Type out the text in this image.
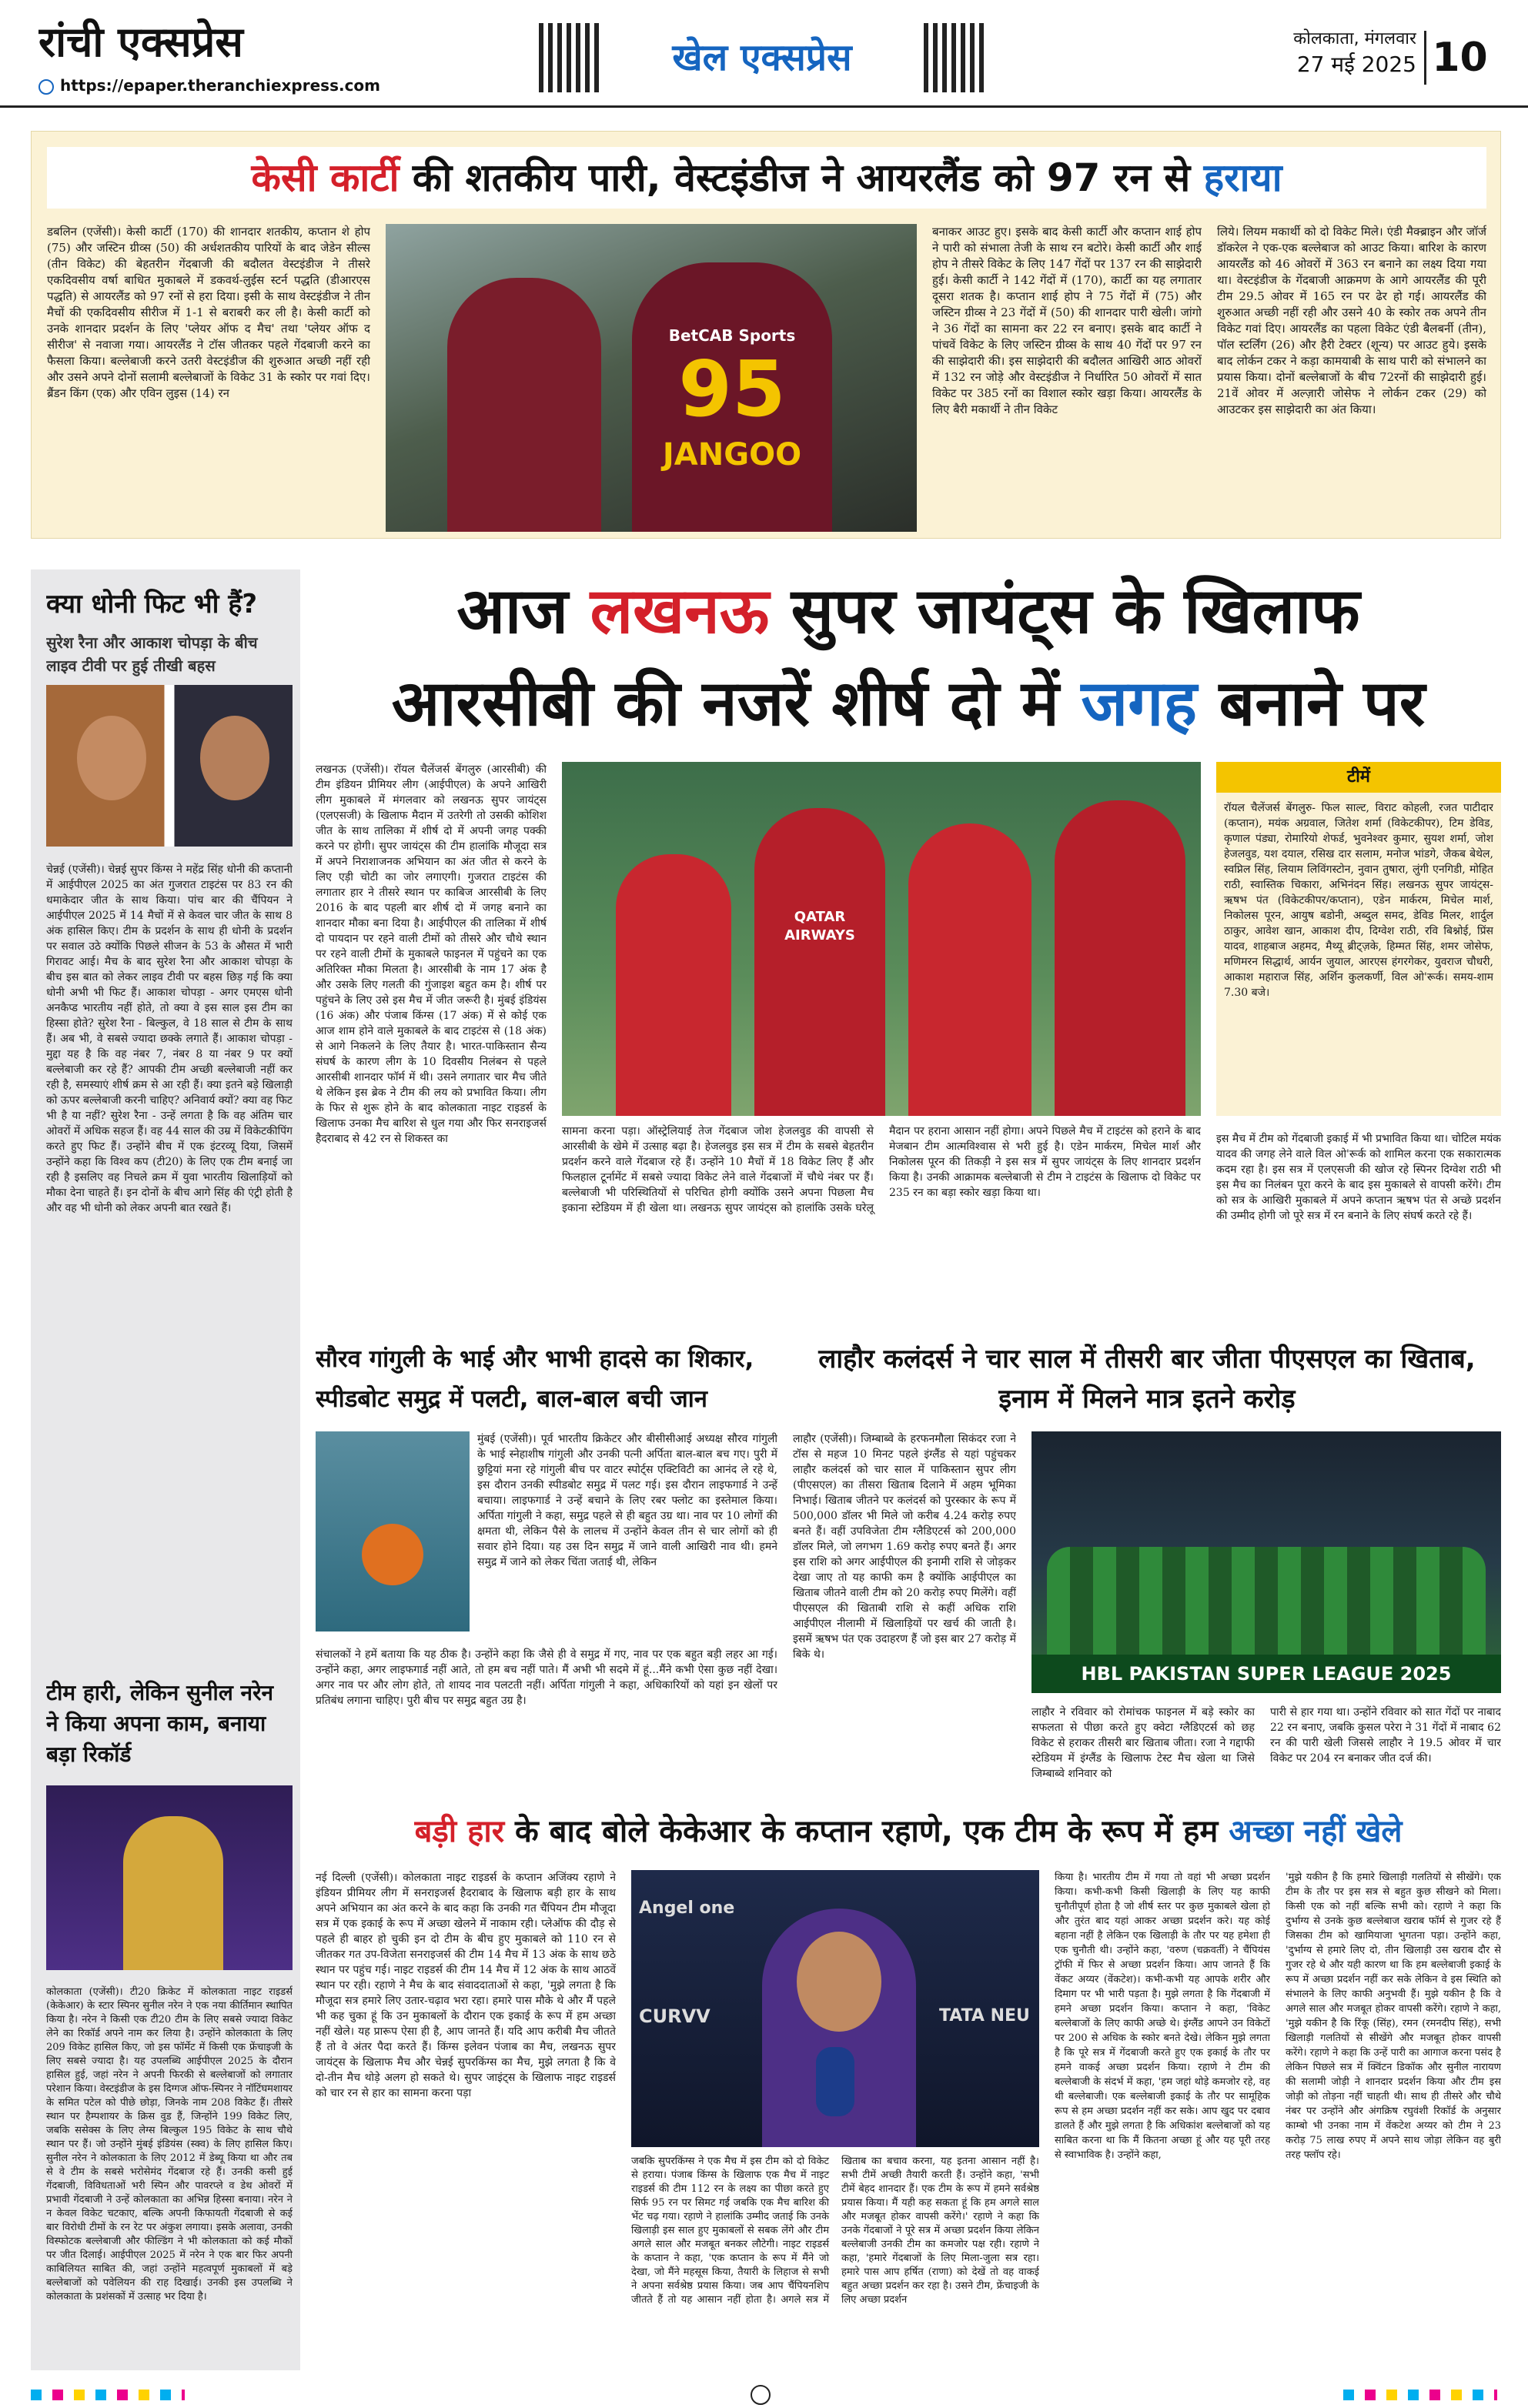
रांची एक्सप्रेस
https://epaper.theranchiexpress.com
खेल एक्सप्रेस	कोलकाता, मंगलवार
27 मई 2025 10
केसी कार्टी की शतकीय पारी, वेस्टइंडीज ने आयरलैंड को 97 रन से हराया
डबलिन (एजेंसी)। केसी कार्टी (170) की शानदार शतकीय, कप्तान शे होप (75) और जस्टिन ग्रीव्स (50) की अर्धशतकीय पारियों के बाद जेडेन सील्स (तीन विकेट) की बेहतरीन गेंदबाजी की बदौलत वेस्टइंडीज ने तीसरे एकदिवसीय वर्षा बाधित मुकाबले में डकवर्थ-लुईस स्टर्न पद्धति (डीआरएस पद्धति) से आयरलैंड को 97 रनों से हरा दिया। इसी के साथ वेस्टइंडीज ने तीन मैचों की एकदिवसीय सीरीज में 1-1 से बराबरी कर ली है। केसी कार्टी को उनके शानदार प्रदर्शन के लिए 'प्लेयर ऑफ द मैच' तथा 'प्लेयर ऑफ द सीरीज' से नवाजा गया। आयरलैंड ने टॉस जीतकर पहले गेंदबाजी करने का फैसला किया। बल्लेबाजी करने उतरी वेस्टइंडीज की शुरुआत अच्छी नहीं रही और उसने अपने दोनों सलामी बल्लेबाजों के विकेट 31 के स्कोर पर गवां दिए। ब्रैंडन किंग (एक) और एविन लुइस (14) रन
BetCAB Sports
95
JANGOO
बनाकर आउट हुए। इसके बाद केसी कार्टी और कप्तान शाई होप ने पारी को संभाला तेजी के साथ रन बटोरे। केसी कार्टी और शाई होप ने तीसरे विकेट के लिए 147 गेंदों पर 137 रन की साझेदारी हुई। केसी कार्टी ने 142 गेंदों में (170), कार्टी का यह लगातार दूसरा शतक है। कप्तान शाई होप ने 75 गेंदों में (75) और जस्टिन ग्रीव्स ने 23 गेंदों में (50) की शानदार पारी खेली। जांगो ने 36 गेंदों का सामना कर 22 रन बनाए। इसके बाद कार्टी ने पांचवें विकेट के लिए जस्टिन ग्रीव्स के साथ 40 गेंदों पर 97 रन की साझेदारी की। इस साझेदारी की बदौलत आखिरी आठ ओवरों में 132 रन जोड़े और वेस्टइंडीज ने निर्धारित 50 ओवरों में सात विकेट पर 385 रनों का विशाल स्कोर खड़ा किया। आयरलैंड के लिए बैरी मकार्थी ने तीन विकेट
लिये। लियम मकार्थी को दो विकेट मिले। एंडी मैक्ब्राइन और जॉर्ज डॉकरेल ने एक-एक बल्लेबाज को आउट किया। बारिश के कारण आयरलैंड को 46 ओवरों में 363 रन बनाने का लक्ष्य दिया गया था। वेस्टइंडीज के गेंदबाजी आक्रमण के आगे आयरलैंड की पूरी टीम 29.5 ओवर में 165 रन पर ढेर हो गई। आयरलैंड की शुरुआत अच्छी नहीं रही और उसने 40 के स्कोर तक अपने तीन विकेट गवां दिए। आयरलैंड का पहला विकेट एंडी बैलबर्नी (तीन), पॉल स्टर्लिंग (26) और हैरी टेक्टर (शून्य) पर आउट हुये। इसके बाद लोर्कन टकर ने कड़ा कामयाबी के साथ पारी को संभालने का प्रयास किया। दोनों बल्लेबाजों के बीच 72रनों की साझेदारी हुई। 21वें ओवर में अल्ज़ारी जोसेफ ने लोर्कन टकर (29) को आउटकर इस साझेदारी का अंत किया।
क्या धोनी फिट भी हैं?
सुरेश रैना और आकाश चोपड़ा के बीच लाइव टीवी पर हुई तीखी बहस
चेन्नई (एजेंसी)। चेन्नई सुपर किंग्स ने महेंद्र सिंह धोनी की कप्तानी में आईपीएल 2025 का अंत गुजरात टाइटंस पर 83 रन की धमाकेदार जीत के साथ किया। पांच बार की चैंपियन ने आईपीएल 2025 में 14 मैचों में से केवल चार जीत के साथ 8 अंक हासिल किए। टीम के प्रदर्शन के साथ ही धोनी के प्रदर्शन पर सवाल उठे क्योंकि पिछले सीजन के 53 के औसत में भारी गिरावट आई। मैच के बाद सुरेश रैना और आकाश चोपड़ा के बीच इस बात को लेकर लाइव टीवी पर बहस छिड़ गई कि क्या धोनी अभी भी फिट हैं। आकाश चोपड़ा - अगर एमएस धोनी अनकैप्ड भारतीय नहीं होते, तो क्या वे इस साल इस टीम का हिस्सा होते? सुरेश रैना - बिल्कुल, वे 18 साल से टीम के साथ हैं। अब भी, वे सबसे ज्यादा छक्के लगाते हैं। आकाश चोपड़ा - मुद्दा यह है कि वह नंबर 7, नंबर 8 या नंबर 9 पर क्यों बल्लेबाजी कर रहे हैं? आपकी टीम अच्छी बल्लेबाजी नहीं कर रही है, समस्याएं शीर्ष क्रम से आ रही हैं। क्या इतने बड़े खिलाड़ी को ऊपर बल्लेबाजी करनी चाहिए? अनिवार्य क्यों? क्या वह फिट भी है या नहीं? सुरेश रैना - उन्हें लगता है कि वह अंतिम चार ओवरों में अधिक सहज हैं। वह 44 साल की उम्र में विकेटकीपिंग करते हुए फिट हैं। उन्होंने बीच में एक इंटरव्यू दिया, जिसमें उन्होंने कहा कि विश्व कप (टी20) के लिए एक टीम बनाई जा रही है इसलिए वह निचले क्रम में युवा भारतीय खिलाड़ियों को मौका देना चाहते हैं। इन दोनों के बीच आगे सिंह की एंट्री होती है और वह भी धोनी को लेकर अपनी बात रखते हैं।
टीम हारी, लेकिन सुनील नरेन ने किया अपना काम, बनाया बड़ा रिकॉर्ड
कोलकाता (एजेंसी)। टी20 क्रिकेट में कोलकाता नाइट राइडर्स (केकेआर) के स्टार स्पिनर सुनील नरेन ने एक नया कीर्तिमान स्थापित किया है। नरेन ने किसी एक टी20 टीम के लिए सबसे ज्यादा विकेट लेने का रिकॉर्ड अपने नाम कर लिया है। उन्होंने कोलकाता के लिए 209 विकेट हासिल किए, जो इस फॉर्मेट में किसी एक फ्रेंचाइजी के लिए सबसे ज्यादा है। यह उपलब्धि आईपीएल 2025 के दौरान हासिल हुई, जहां नरेन ने अपनी फिरकी से बल्लेबाजों को लगातार परेशान किया। वेस्टइंडीज के इस दिग्गज ऑफ-स्पिनर ने नॉटिंघमशायर के समित पटेल को पीछे छोड़ा, जिनके नाम 208 विकेट हैं। तीसरे स्थान पर हैम्पशायर के क्रिस वुड हैं, जिन्होंने 199 विकेट लिए, जबकि ससेक्स के लिए लेग्स बिल्कुल 195 विकेट के साथ चौथे स्थान पर हैं। जो उन्होंने मुंबई इंडियंस (स्क्व) के लिए हासिल किए। सुनील नरेन ने कोलकाता के लिए 2012 में डेब्यू किया था और तब से वे टीम के सबसे भरोसेमंद गेंदबाज रहे हैं। उनकी कसी हुई गेंदबाजी, विविधताओं भरी स्पिन और पावरप्ले व डेथ ओवरों में प्रभावी गेंदबाजी ने उन्हें कोलकाता का अभिन्न हिस्सा बनाया। नरेन ने न केवल विकेट चटकाए, बल्कि अपनी किफायती गेंदबाजी से कई बार विरोधी टीमों के रन रेट पर अंकुश लगाया। इसके अलावा, उनकी विस्फोटक बल्लेबाजी और फील्डिंग ने भी कोलकाता को कई मौकों पर जीत दिलाई। आईपीएल 2025 में नरेन ने एक बार फिर अपनी काबिलियत साबित की, जहां उन्होंने महत्वपूर्ण मुकाबलों में बड़े बल्लेबाजों को पवेलियन की राह दिखाई। उनकी इस उपलब्धि ने कोलकाता के प्रशंसकों में उत्साह भर दिया है।
आज लखनऊ सुपर जायंट्स के खिलाफ
आरसीबी की नजरें शीर्ष दो में जगह बनाने पर
लखनऊ (एजेंसी)। रॉयल चैलेंजर्स बेंगलुरु (आरसीबी) की टीम इंडियन प्रीमियर लीग (आईपीएल) के अपने आखिरी लीग मुकाबले में मंगलवार को लखनऊ सुपर जायंट्स (एलएसजी) के खिलाफ मैदान में उतरेगी तो उसकी कोशिश जीत के साथ तालिका में शीर्ष दो में अपनी जगह पक्की करने पर होगी। सुपर जायंट्स की टीम हालांकि मौजूदा सत्र में अपने निराशाजनक अभियान का अंत जीत से करने के लिए एड़ी चोटी का जोर लगाएगी। गुजरात टाइटंस की लगातार हार ने तीसरे स्थान पर काबिज आरसीबी के लिए 2016 के बाद पहली बार शीर्ष दो में जगह बनाने का शानदार मौका बना दिया है। आईपीएल की तालिका में शीर्ष दो पायदान पर रहने वाली टीमों को तीसरे और चौथे स्थान पर रहने वाली टीमों के मुकाबले फाइनल में पहुंचने का एक अतिरिक्त मौका मिलता है। आरसीबी के नाम 17 अंक है और उसके लिए गलती की गुंजाइश बहुत कम है। शीर्ष पर पहुंचने के लिए उसे इस मैच में जीत जरूरी है। मुंबई इंडियंस (16 अंक) और पंजाब किंग्स (17 अंक) में से कोई एक आज शाम होने वाले मुकाबले के बाद टाइटंस से (18 अंक) से आगे निकलने के लिए तैयार है। भारत-पाकिस्तान सैन्य संघर्ष के कारण लीग के 10 दिवसीय निलंबन से पहले आरसीबी शानदार फॉर्म में थी। उसने लगातार चार मैच जीते थे लेकिन इस ब्रेक ने टीम की लय को प्रभावित किया। लीग के फिर से शुरू होने के बाद कोलकाता नाइट राइडर्स के खिलाफ उनका मैच बारिश से धुल गया और फिर सनराइजर्स हैदराबाद से 42 रन से शिकस्त का
QATAR AIRWAYS
सामना करना पड़ा। ऑस्ट्रेलियाई तेज गेंदबाज जोश हेजलवुड की वापसी से आरसीबी के खेमे में उत्साह बढ़ा है। हेजलवुड इस सत्र में टीम के सबसे बेहतरीन प्रदर्शन करने वाले गेंदबाज रहे हैं। उन्होंने 10 मैचों में 18 विकेट लिए हैं और फिलहाल टूर्नामेंट में सबसे ज्यादा विकेट लेने वाले गेंदबाजों में चौथे नंबर पर हैं। बल्लेबाजी भी परिस्थितियों से परिचित होगी क्योंकि उसने अपना पिछला मैच इकाना स्टेडियम में ही खेला था। लखनऊ सुपर जायंट्स को हालांकि उसके घरेलू मैदान पर हराना आसान नहीं होगा। अपने पिछले मैच में टाइटंस को हराने के बाद मेजबान टीम आत्मविश्वास से भरी हुई है। एडेन मार्करम, मिचेल मार्श और निकोलस पूरन की तिकड़ी ने इस सत्र में सुपर जायंट्स के लिए शानदार प्रदर्शन किया है। उनकी आक्रामक बल्लेबाजी से टीम ने टाइटंस के खिलाफ दो विकेट पर 235 रन का बड़ा स्कोर खड़ा किया था।
टीमें
रॉयल चैलेंजर्स बेंगलुरु- फिल साल्ट, विराट कोहली, रजत पाटीदार (कप्तान), मयंक अग्रवाल, जितेश शर्मा (विकेटकीपर), टिम डेविड, कृणाल पंड्या, रोमारियो शेफर्ड, भुवनेश्वर कुमार, सुयश शर्मा, जोश हेजलवुड, यश दयाल, रसिख दार सलाम, मनोज भांडगे, जैकब बेथेल, स्वप्निल सिंह, लियाम लिविंगस्टोन, नुवान तुषारा, लुंगी एनगिडी, मोहित राठी, स्वास्तिक चिकारा, अभिनंदन सिंह। लखनऊ सुपर जायंट्स- ऋषभ पंत (विकेटकीपर/कप्तान), एडेन मार्करम, मिचेल मार्श, निकोलस पूरन, आयुष बडोनी, अब्दुल समद, डेविड मिलर, शार्दुल ठाकुर, आवेश खान, आकाश दीप, दिग्वेश राठी, रवि बिश्नोई, प्रिंस यादव, शाहबाज अहमद, मैथ्यू ब्रीट्ज़के, हिम्मत सिंह, शमर जोसेफ, मणिमरन सिद्धार्थ, आर्यन जुयाल, आरएस हंगरगेकर, युवराज चौधरी, आकाश महाराज सिंह, अर्शिन कुलकर्णी, विल ओ'रूर्क। समय-शाम 7.30 बजे।
इस मैच में टीम को गेंदबाजी इकाई में भी प्रभावित किया था। चोटिल मयंक यादव की जगह लेने वाले विल ओ'रूर्क को शामिल करना एक सकारात्मक कदम रहा है। इस सत्र में एलएसजी की खोज रहे स्पिनर दिग्वेश राठी भी इस मैच का निलंबन पूरा करने के बाद इस मुकाबले से वापसी करेंगे। टीम को सत्र के आखिरी मुकाबले में अपने कप्तान ऋषभ पंत से अच्छे प्रदर्शन की उम्मीद होगी जो पूरे सत्र में रन बनाने के लिए संघर्ष करते रहे हैं।
सौरव गांगुली के भाई और भाभी हादसे का शिकार, स्पीडबोट समुद्र में पलटी, बाल-बाल बची जान
मुंबई (एजेंसी)। पूर्व भारतीय क्रिकेटर और बीसीसीआई अध्यक्ष सौरव गांगुली के भाई स्नेहाशीष गांगुली और उनकी पत्नी अर्पिता बाल-बाल बच गए। पुरी में छुट्टियां मना रहे गांगुली बीच पर वाटर स्पोर्ट्स एक्टिविटी का आनंद ले रहे थे, इस दौरान उनकी स्पीडबोट समुद्र में पलट गई। इस दौरान लाइफगार्ड ने उन्हें बचाया। लाइफगार्ड ने उन्हें बचाने के लिए रबर फ्लोट का इस्तेमाल किया। अर्पिता गांगुली ने कहा, समुद्र पहले से ही बहुत उग्र था। नाव पर 10 लोगों की क्षमता थी, लेकिन पैसे के लालच में उन्होंने केवल तीन से चार लोगों को ही सवार होने दिया। यह उस दिन समुद्र में जाने वाली आखिरी नाव थी। हमने समुद्र में जाने को लेकर चिंता जताई थी, लेकिन
संचालकों ने हमें बताया कि यह ठीक है। उन्होंने कहा कि जैसे ही वे समुद्र में गए, नाव पर एक बहुत बड़ी लहर आ गई। उन्होंने कहा, अगर लाइफगार्ड नहीं आते, तो हम बच नहीं पाते। मैं अभी भी सदमे में हूं...मैंने कभी ऐसा कुछ नहीं देखा। अगर नाव पर और लोग होते, तो शायद नाव पलटती नहीं। अर्पिता गांगुली ने कहा, अधिकारियों को यहां इन खेलों पर प्रतिबंध लगाना चाहिए। पुरी बीच पर समुद्र बहुत उग्र है।
लाहौर कलंदर्स ने चार साल में तीसरी बार जीता पीएसएल का खिताब, इनाम में मिलने मात्र इतने करोड़
लाहौर (एजेंसी)। जिम्बाब्वे के हरफनमौला सिकंदर रजा ने टॉस से महज 10 मिनट पहले इंग्लैंड से यहां पहुंचकर लाहौर कलंदर्स को चार साल में पाकिस्तान सुपर लीग (पीएसएल) का तीसरा खिताब दिलाने में अहम भूमिका निभाई। खिताब जीतने पर कलंदर्स को पुरस्कार के रूप में 500,000 डॉलर भी मिले जो करीब 4.24 करोड़ रुपए बनते हैं। वहीं उपविजेता टीम ग्लैडिएटर्स को 200,000 डॉलर मिले, जो लगभग 1.69 करोड़ रुपए बनते हैं। अगर इस राशि को अगर आईपीएल की इनामी राशि से जोड़कर देखा जाए तो यह काफी कम है क्योंकि आईपीएल का खिताब जीतने वाली टीम को 20 करोड़ रुपए मिलेंगे। वहीं पीएसएल की खिताबी राशि से कहीं अधिक राशि आईपीएल नीलामी में खिलाड़ियों पर खर्च की जाती है। इसमें ऋषभ पंत एक उदाहरण हैं जो इस बार 27 करोड़ में बिके थे।
HBL PAKISTAN SUPER LEAGUE 2025
लाहौर ने रविवार को रोमांचक फाइनल में बड़े स्कोर का सफलता से पीछा करते हुए क्वेटा ग्लैडिएटर्स को छह विकेट से हराकर तीसरी बार खिताब जीता। रजा ने गद्दाफी स्टेडियम में इंग्लैंड के खिलाफ टेस्ट मैच खेला था जिसे जिम्बाब्वे शनिवार को
पारी से हार गया था। उन्होंने रविवार को सात गेंदों पर नाबाद 22 रन बनाए, जबकि कुसल परेरा ने 31 गेंदों में नाबाद 62 रन की पारी खेली जिससे लाहौर ने 19.5 ओवर में चार विकेट पर 204 रन बनाकर जीत दर्ज की।
बड़ी हार के बाद बोले केकेआर के कप्तान रहाणे, एक टीम के रूप में हम अच्छा नहीं खेले
नई दिल्ली (एजेंसी)। कोलकाता नाइट राइडर्स के कप्तान अजिंक्य रहाणे ने इंडियन प्रीमियर लीग में सनराइजर्स हैदराबाद के खिलाफ बड़ी हार के साथ अपने अभियान का अंत करने के बाद कहा कि उनकी गत चैंपियन टीम मौजूदा सत्र में एक इकाई के रूप में अच्छा खेलने में नाकाम रही। प्लेऑफ की दौड़ से पहले ही बाहर हो चुकी इन दो टीम के बीच हुए मुकाबले को 110 रन से जीतकर गत उप-विजेता सनराइजर्स की टीम 14 मैच में 13 अंक के साथ छठे स्थान पर पहुंच गई। नाइट राइडर्स की टीम 14 मैच में 12 अंक के साथ आठवें स्थान पर रही। रहाणे ने मैच के बाद संवाददाताओं से कहा, 'मुझे लगता है कि मौजूदा सत्र हमारे लिए उतार-चढ़ाव भरा रहा। हमारे पास मौके थे और मैं पहले भी कह चुका हूं कि उन मुकाबलों के दौरान एक इकाई के रूप में हम अच्छा नहीं खेले। यह प्रारूप ऐसा ही है, आप जानते हैं। यदि आप करीबी मैच जीतते हैं तो वे अंतर पैदा करते हैं। किंग्स इलेवन पंजाब का मैच, लखनऊ सुपर जायंट्स के खिलाफ मैच और चेन्नई सुपरकिंग्स का मैच, मुझे लगता है कि वे दो-तीन मैच थोड़े अलग हो सकते थे। सुपर जाइंट्स के खिलाफ नाइट राइडर्स को चार रन से हार का सामना करना पड़ा
Angel one
CURVV	TATA NEU
जबकि सुपरकिंग्स ने एक मैच में इस टीम को दो विकेट से हराया। पंजाब किंग्स के खिलाफ एक मैच में नाइट राइडर्स की टीम 112 रन के लक्ष्य का पीछा करते हुए सिर्फ 95 रन पर सिमट गई जबकि एक मैच बारिश की भेंट चढ़ गया। रहाणे ने हालांकि उम्मीद जताई कि उनके खिलाड़ी इस साल हुए मुकाबलों से सबक लेंगे और टीम अगले साल और मजबूत बनकर लौटेगी। नाइट राइडर्स के कप्तान ने कहा, 'एक कप्तान के रूप में मैंने जो देखा, जो मैंने महसूस किया, तैयारी के लिहाज से सभी ने अपना सर्वश्रेष्ठ प्रयास किया। जब आप चैंपियनशिप जीतते हैं तो यह आसान नहीं होता है। अगले सत्र में खिताब का बचाव करना, यह इतना आसान नहीं है। सभी टीमें अच्छी तैयारी करती हैं। उन्होंने कहा, 'सभी टीमें बेहद शानदार हैं। एक टीम के रूप में हमने सर्वश्रेष्ठ प्रयास किया। मैं यही कह सकता हूं कि हम अगले साल और मजबूत होकर वापसी करेंगे।' रहाणे ने कहा कि उनके गेंदबाजों ने पूरे सत्र में अच्छा प्रदर्शन किया लेकिन बल्लेबाजी उनकी टीम का कमजोर पक्ष रही। रहाणे ने कहा, 'हमारे गेंदबाजों के लिए मिला-जुला सत्र रहा। हमारे पास आप हर्षित (राणा) को देखें तो वह वाकई बहुत अच्छा प्रदर्शन कर रहा है। उसने टीम, फ्रेंचाइजी के लिए अच्छा प्रदर्शन
किया है। भारतीय टीम में गया तो वहां भी अच्छा प्रदर्शन किया। कभी-कभी किसी खिलाड़ी के लिए यह काफी चुनौतीपूर्ण होता है जो शीर्ष स्तर पर कुछ मुकाबले खेला हो और तुरंत बाद यहां आकर अच्छा प्रदर्शन करे। यह कोई बहाना नहीं है लेकिन एक खिलाड़ी के तौर पर यह हमेशा ही एक चुनौती थी। उन्होंने कहा, 'वरुण (चक्रवर्ती) ने चैंपियंस ट्रॉफी में फिर से अच्छा प्रदर्शन किया। आप जानते हैं कि वेंकट अय्यर (वेंकटेश)। कभी-कभी यह आपके शरीर और दिमाग पर भी भारी पड़ता है। मुझे लगता है कि गेंदबाजी में हमने अच्छा प्रदर्शन किया। कप्तान ने कहा, 'विकेट बल्लेबाजों के लिए काफी अच्छे थे। इंग्लैंड आपने उन विकेटों पर 200 से अधिक के स्कोर बनते देखे। लेकिन मुझे लगता है कि पूरे सत्र में गेंदबाजी करते हुए एक इकाई के तौर पर हमने वाकई अच्छा प्रदर्शन किया। रहाणे ने टीम की बल्लेबाजी के संदर्भ में कहा, 'हम जहां थोड़े कमजोर रहे, वह थी बल्लेबाजी। एक बल्लेबाजी इकाई के तौर पर सामूहिक रूप से हम अच्छा प्रदर्शन नहीं कर सके। आप खुद पर दबाव डालते हैं और मुझे लगता है कि अधिकांश बल्लेबाजों को यह साबित करना था कि मैं कितना अच्छा हूं और यह पूरी तरह से स्वाभाविक है। उन्होंने कहा,
'मुझे यकीन है कि हमारे खिलाड़ी गलतियों से सीखेंगे। एक टीम के तौर पर इस सत्र से बहुत कुछ सीखने को मिला। किसी एक को नहीं बल्कि सभी को। रहाणे ने कहा कि दुर्भाग्य से उनके कुछ बल्लेबाज खराब फॉर्म से गुजर रहे हैं जिसका टीम को खामियाजा भुगतना पड़ा। उन्होंने कहा, 'दुर्भाग्य से हमारे लिए दो, तीन खिलाड़ी उस खराब दौर से गुजर रहे थे और यही कारण था कि हम बल्लेबाजी इकाई के रूप में अच्छा प्रदर्शन नहीं कर सके लेकिन वे इस स्थिति को संभालने के लिए काफी अनुभवी हैं। मुझे यकीन है कि वे अगले साल और मजबूत होकर वापसी करेंगे। रहाणे ने कहा, 'मुझे यकीन है कि रिंकू (सिंह), रमन (रमनदीप सिंह), सभी खिलाड़ी गलतियों से सीखेंगे और मजबूत होकर वापसी करेंगे। रहाणे ने कहा कि उन्हें पारी का आगाज करना पसंद है लेकिन पिछले सत्र में क्विंटन डिकॉक और सुनील नारायण की सलामी जोड़ी ने शानदार प्रदर्शन किया और टीम इस जोड़ी को तोड़ना नहीं चाहती थी। साथ ही तीसरे और चौथे नंबर पर उन्होंने और अंगक्रिष रघुवंशी रिकॉर्ड के अनुसार काम्बो भी उनका नाम में वेंकटेश अय्यर को टीम ने 23 करोड़ 75 लाख रुपए में अपने साथ जोड़ा लेकिन वह बुरी तरह फ्लॉप रहे।
